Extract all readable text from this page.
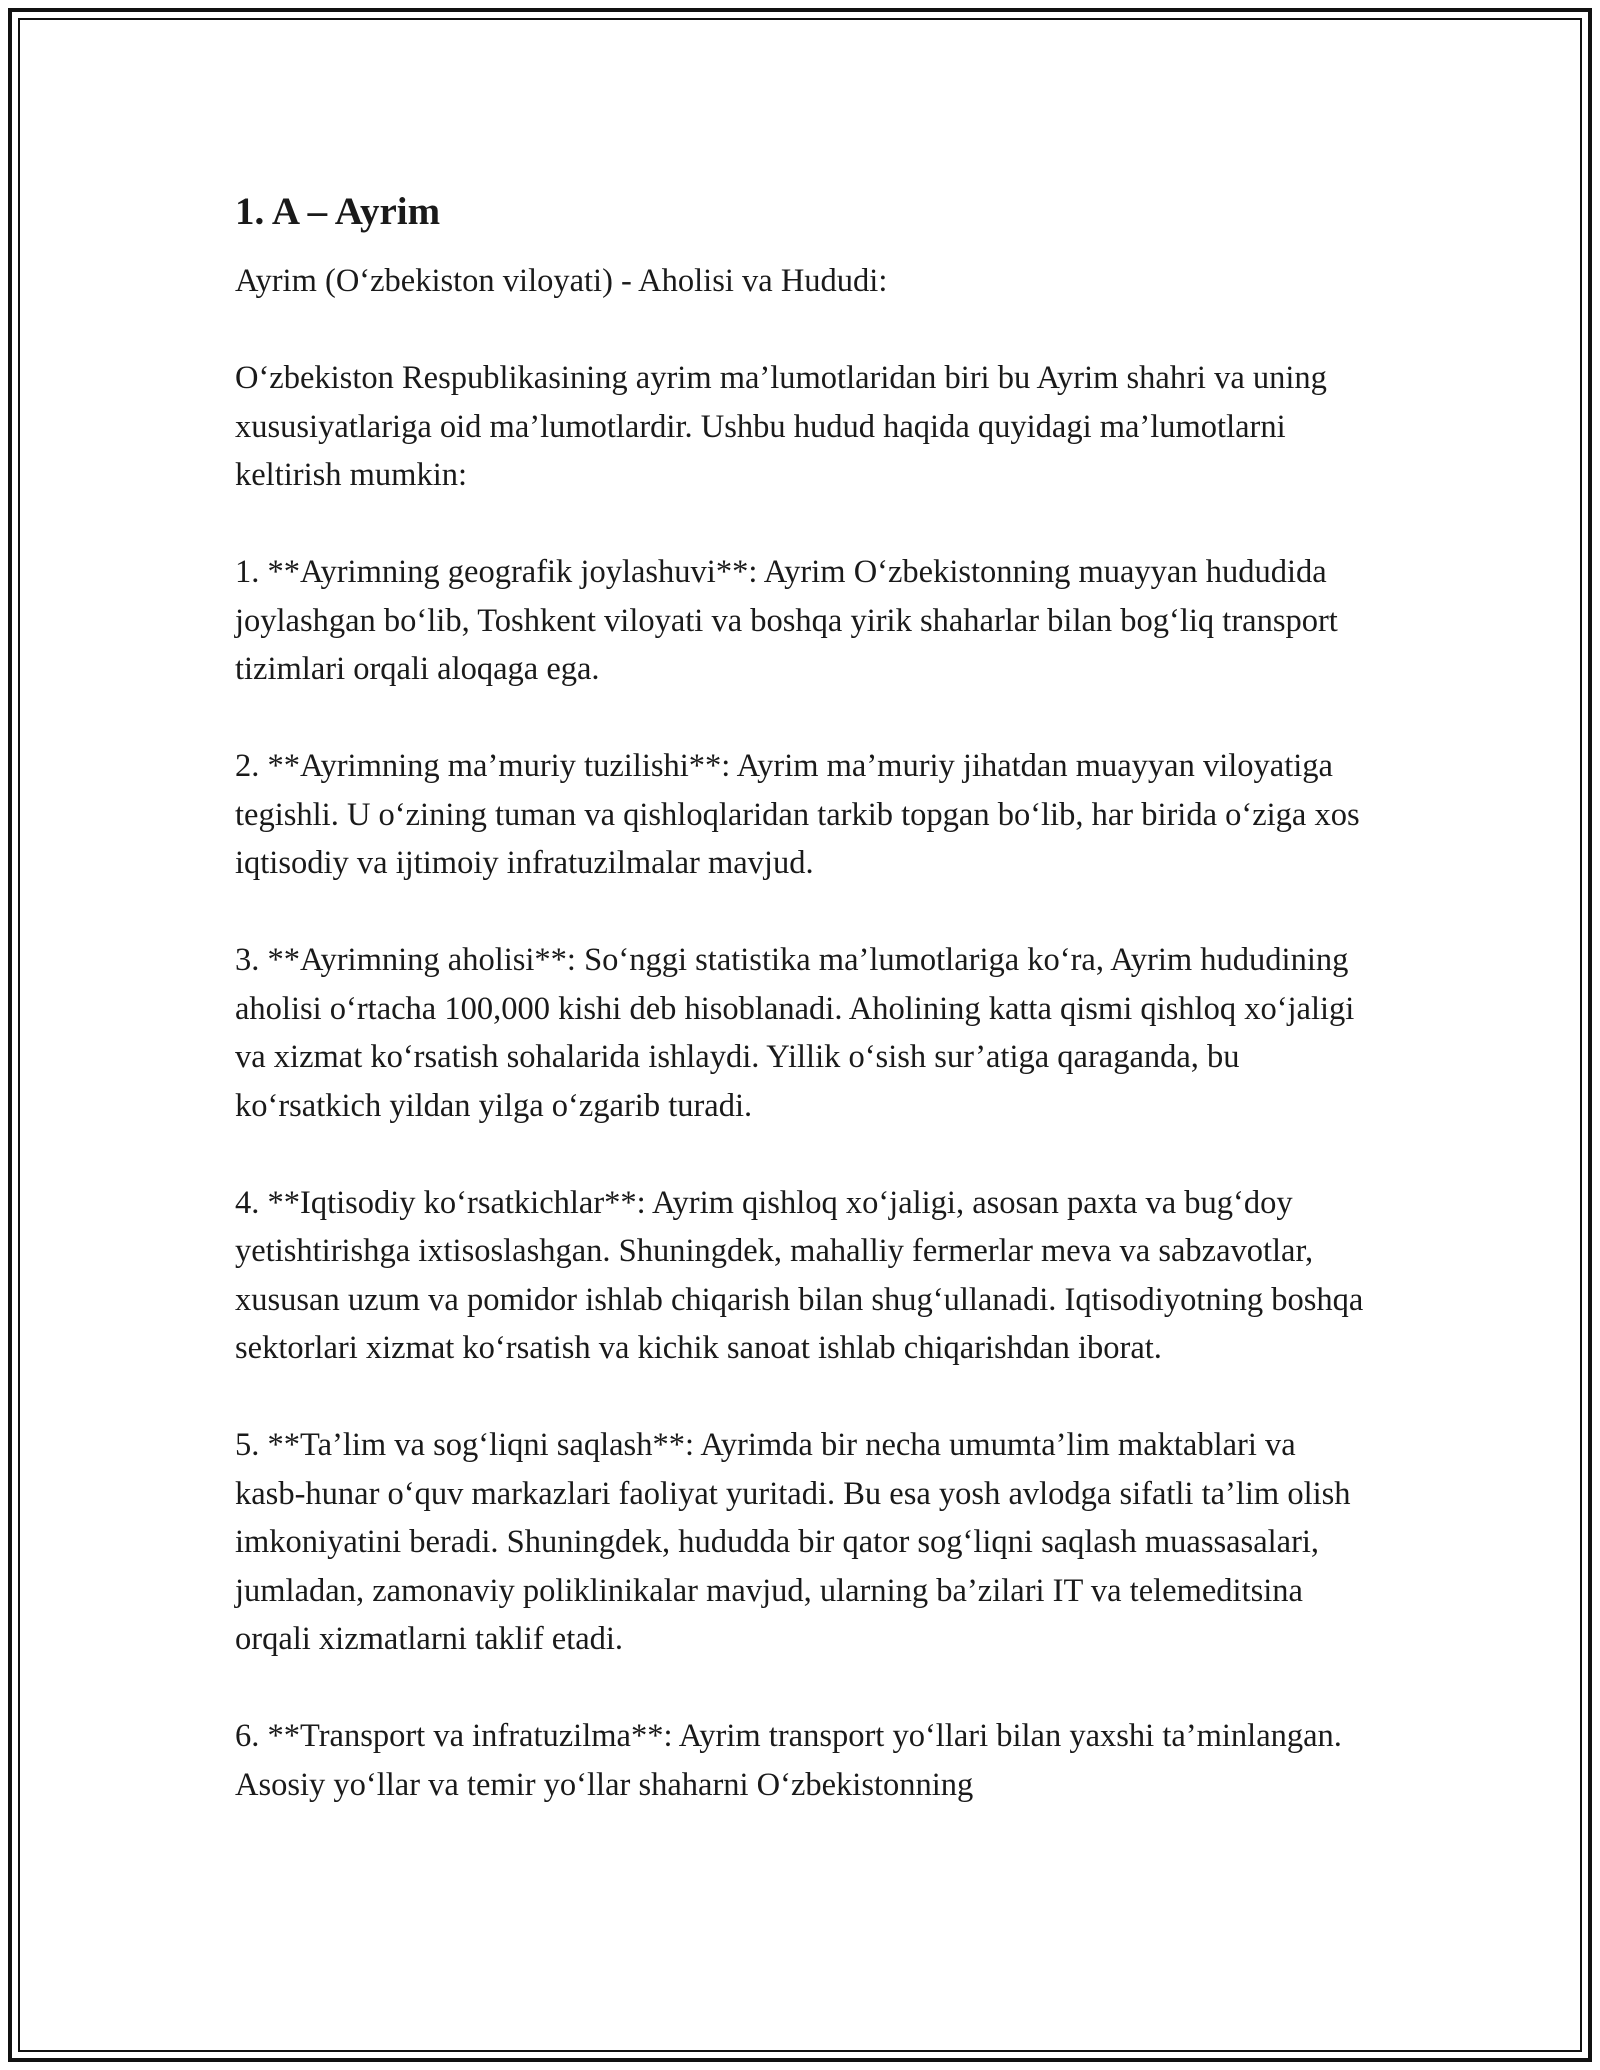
1. A – Ayrim

Ayrim (O‘zbekiston viloyati) - Aholisi va Hududi:

O‘zbekiston Respublikasining ayrim ma’lumotlaridan biri bu Ayrim shahri va uning xususiyatlariga oid ma’lumotlardir. Ushbu hudud haqida quyidagi ma’lumotlarni keltirish mumkin:

1. **Ayrimning geografik joylashuvi**: Ayrim O‘zbekistonning muayyan hududida joylashgan bo‘lib, Toshkent viloyati va boshqa yirik shaharlar bilan bog‘liq transport tizimlari orqali aloqaga ega.

2. **Ayrimning ma’muriy tuzilishi**: Ayrim ma’muriy jihatdan muayyan viloyatiga tegishli. U o‘zining tuman va qishloqlaridan tarkib topgan bo‘lib, har birida o‘ziga xos iqtisodiy va ijtimoiy infratuzilmalar mavjud.

3. **Ayrimning aholisi**: So‘nggi statistika ma’lumotlariga ko‘ra, Ayrim hududining aholisi o‘rtacha 100,000 kishi deb hisoblanadi. Aholining katta qismi qishloq xo‘jaligi va xizmat ko‘rsatish sohalarida ishlaydi. Yillik o‘sish sur’atiga qaraganda, bu ko‘rsatkich yildan yilga o‘zgarib turadi.

4. **Iqtisodiy ko‘rsatkichlar**: Ayrim qishloq xo‘jaligi, asosan paxta va bug‘doy yetishtirishga ixtisoslashgan. Shuningdek, mahalliy fermerlar meva va sabzavotlar, xususan uzum va pomidor ishlab chiqarish bilan shug‘ullanadi. Iqtisodiyotning boshqa sektorlari xizmat ko‘rsatish va kichik sanoat ishlab chiqarishdan iborat.

5. **Ta’lim va sog‘liqni saqlash**: Ayrimda bir necha umumta’lim maktablari va kasb-hunar o‘quv markazlari faoliyat yuritadi. Bu esa yosh avlodga sifatli ta’lim olish imkoniyatini beradi. Shuningdek, hududda bir qator sog‘liqni saqlash muassasalari, jumladan, zamonaviy poliklinikalar mavjud, ularning ba’zilari IT va telemeditsina orqali xizmatlarni taklif etadi.

6. **Transport va infratuzilma**: Ayrim transport yo‘llari bilan yaxshi ta’minlangan. Asosiy yo‘llar va temir yo‘llar shaharni O‘zbekistonning
